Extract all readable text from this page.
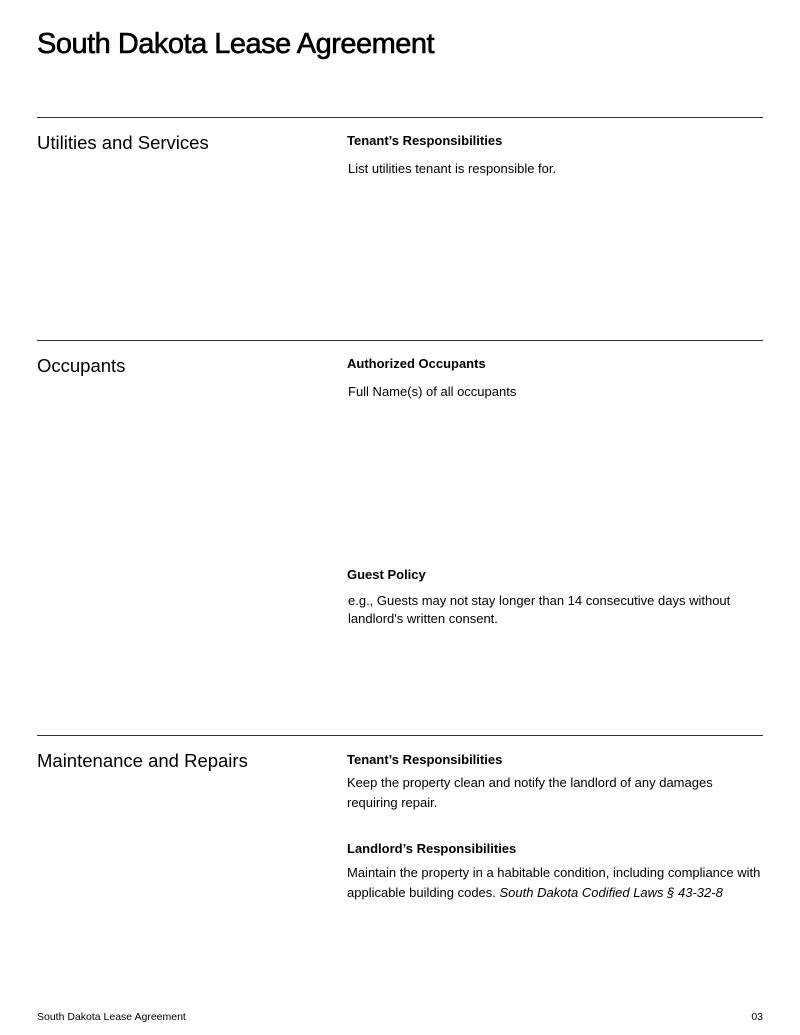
South Dakota Lease Agreement
Utilities and Services	Tenant’s Responsibilities
List utilities tenant is responsible for.
Occupants	Authorized Occupants
Full Name(s) of all occupants
Guest Policy
e.g., Guests may not stay longer than 14 consecutive days without landlord's written consent.
Maintenance and Repairs	Tenant’s Responsibilities
Keep the property clean and notify the landlord of any damages requiring repair.
Landlord’s Responsibilities
Maintain the property in a habitable condition, including compliance with applicable building codes. South Dakota Codified Laws § 43-32-8
South Dakota Lease Agreement	03
